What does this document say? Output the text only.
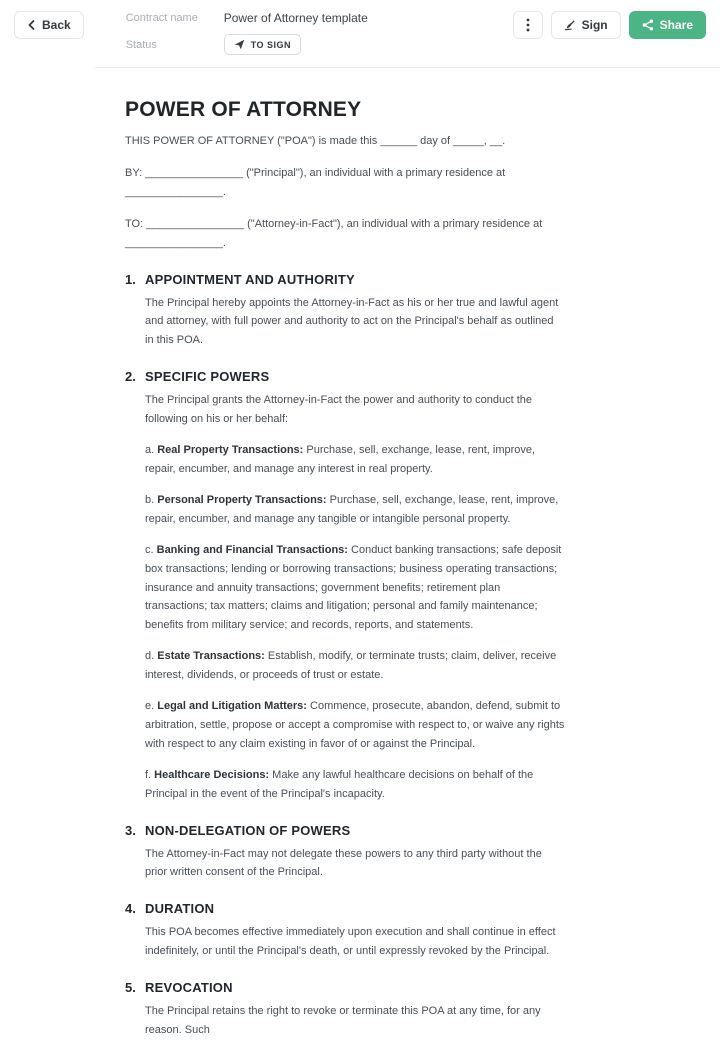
Back	Contract name	Power of Attorney template
Status	TO SIGN
Sign	Share
POWER OF ATTORNEY

THIS POWER OF ATTORNEY ("POA") is made this ______ day of _____, __.

BY: ________________ ("Principal"), an individual with a primary residence at ________________.

TO: ________________ ("Attorney-in-Fact"), an individual with a primary residence at ________________.

1. APPOINTMENT AND AUTHORITY

The Principal hereby appoints the Attorney-in-Fact as his or her true and lawful agent and attorney, with full power and authority to act on the Principal's behalf as outlined in this POA.

2. SPECIFIC POWERS

The Principal grants the Attorney-in-Fact the power and authority to conduct the following on his or her behalf:

a. Real Property Transactions: Purchase, sell, exchange, lease, rent, improve, repair, encumber, and manage any interest in real property.

b. Personal Property Transactions: Purchase, sell, exchange, lease, rent, improve, repair, encumber, and manage any tangible or intangible personal property.

c. Banking and Financial Transactions: Conduct banking transactions; safe deposit box transactions; lending or borrowing transactions; business operating transactions; insurance and annuity transactions; government benefits; retirement plan transactions; tax matters; claims and litigation; personal and family maintenance; benefits from military service; and records, reports, and statements.

d. Estate Transactions: Establish, modify, or terminate trusts; claim, deliver, receive interest, dividends, or proceeds of trust or estate.

e. Legal and Litigation Matters: Commence, prosecute, abandon, defend, submit to arbitration, settle, propose or accept a compromise with respect to, or waive any rights with respect to any claim existing in favor of or against the Principal.

f. Healthcare Decisions: Make any lawful healthcare decisions on behalf of the Principal in the event of the Principal's incapacity.

3. NON-DELEGATION OF POWERS

The Attorney-in-Fact may not delegate these powers to any third party without the prior written consent of the Principal.

4. DURATION

This POA becomes effective immediately upon execution and shall continue in effect indefinitely, or until the Principal's death, or until expressly revoked by the Principal.

5. REVOCATION

The Principal retains the right to revoke or terminate this POA at any time, for any reason. Such
